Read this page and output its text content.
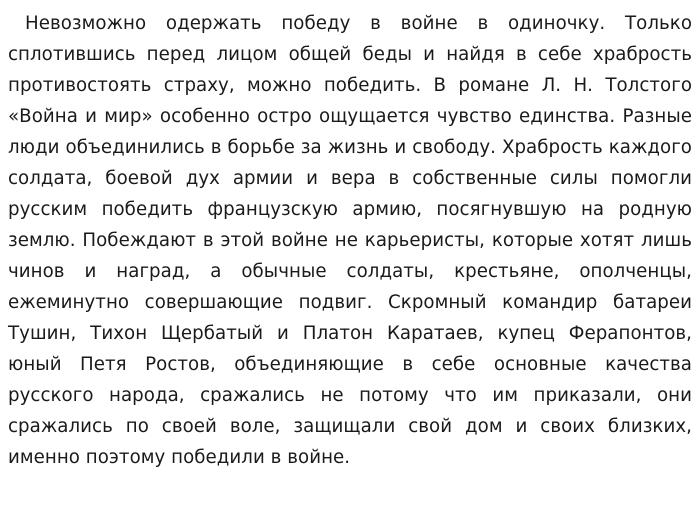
Невозможно одержать победу в войне в одиночку. Только сплотившись перед лицом общей беды и найдя в себе храбрость противостоять страху, можно победить. В романе Л. Н. Толстого «Война и мир» особенно остро ощущается чувство единства. Разные люди объединились в борьбе за жизнь и свободу. Храбрость каждого солдата, боевой дух армии и вера в собственные силы помогли русским победить французскую армию, посягнувшую на родную землю. Побеждают в этой войне не карьеристы, которые хотят лишь чинов и наград, а обычные солдаты, крестьяне, ополченцы, ежеминутно совершающие подвиг. Скромный командир батареи Тушин, Тихон Щербатый и Платон Каратаев, купец Ферапонтов, юный Петя Ростов, объединяющие в себе основные качества русского народа, сражались не потому что им приказали, они сражались по своей воле, защищали свой дом и своих близких, именно поэтому победили в войне.
